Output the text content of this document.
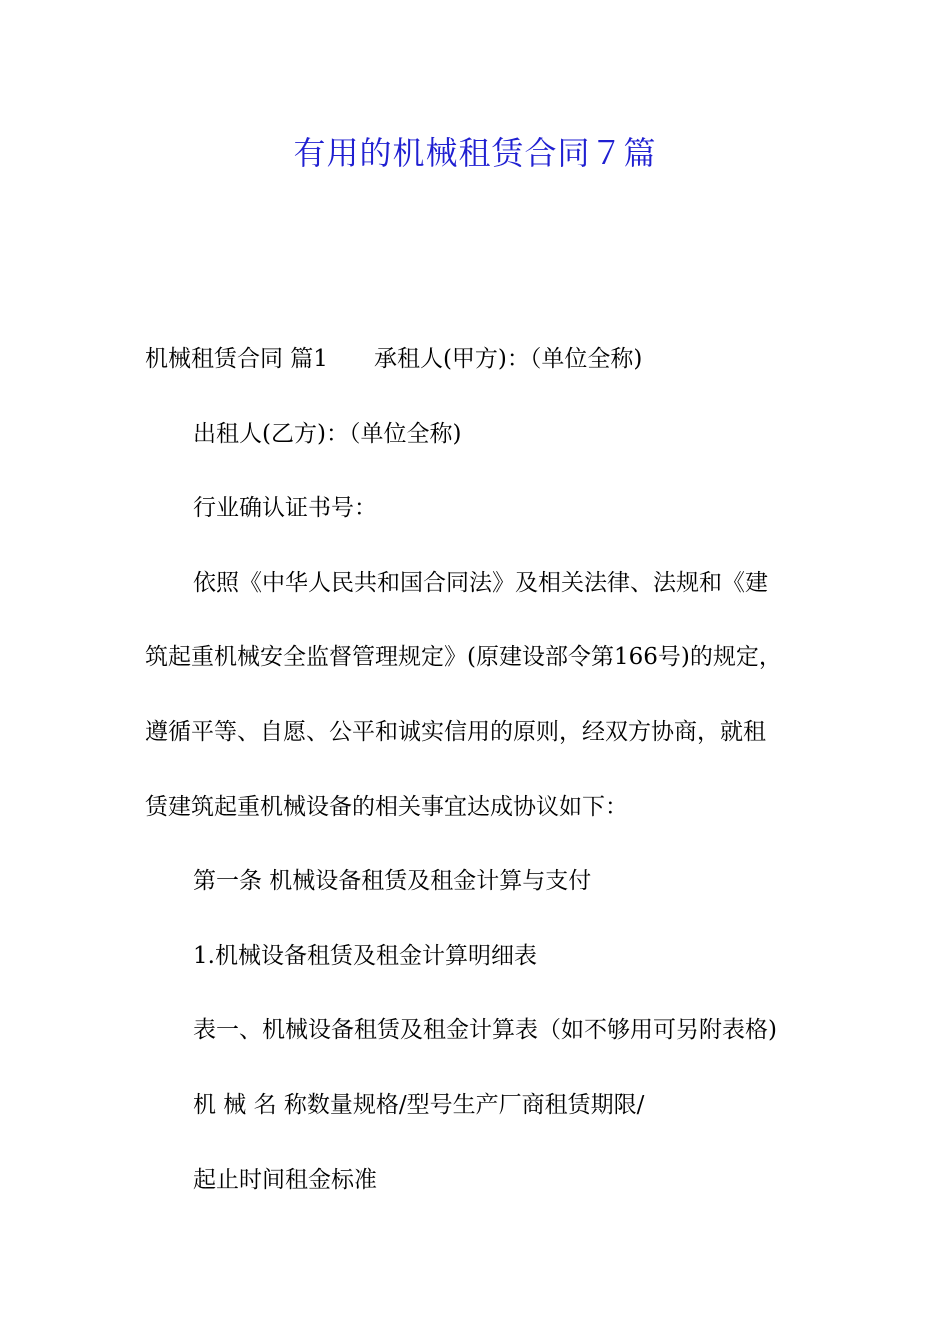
有用的机械租赁合同７篇

机械租赁合同 篇1 承租人(甲方)：（单位全称)

出租人(乙方)：（单位全称)

行业确认证书号：

依照《中华人民共和国合同法》及相关法律、法规和《建

筑起重机械安全监督管理规定》(原建设部令第166号)的规定，

遵循平等、自愿、公平和诚实信用的原则，经双方协商，就租

赁建筑起重机械设备的相关事宜达成协议如下：

第一条 机械设备租赁及租金计算与支付

1.机械设备租赁及租金计算明细表

表一、机械设备租赁及租金计算表（如不够用可另附表格)

机 械 名 称数量规格/型号生产厂商租赁期限/

起止时间租金标准
